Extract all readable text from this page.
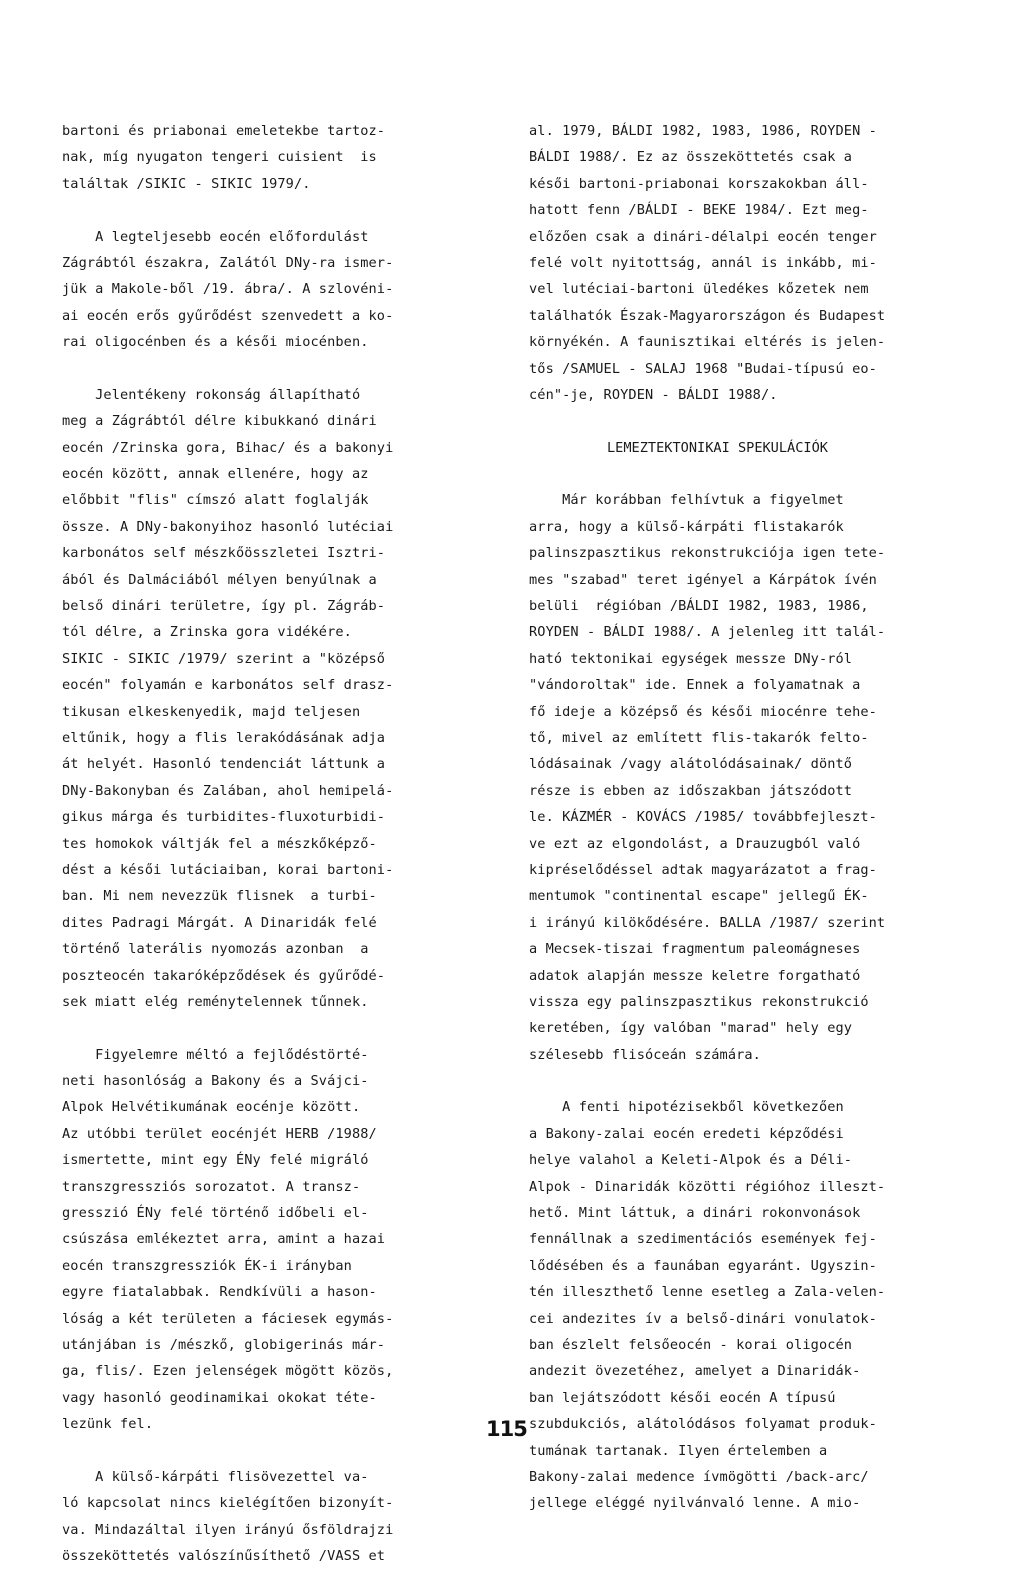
bartoni és priabonai emeletekbe tartoz-
nak, míg nyugaton tengeri cuisient  is
találtak /SIKIC - SIKIC 1979/.
A legteljesebb eocén előfordulást
Zágrábtól északra, Zalától DNy-ra ismer-
jük a Makole-ből /19. ábra/. A szlovéni-
ai eocén erős gyűrődést szenvedett a ko-
rai oligocénben és a késői miocénben.
Jelentékeny rokonság állapítható
meg a Zágrábtól délre kibukkanó dinári
eocén /Zrinska gora, Bihac/ és a bakonyi
eocén között, annak ellenére, hogy az
előbbit "flis" címszó alatt foglalják
össze. A DNy-bakonyihoz hasonló lutéciai
karbonátos self mészkőösszletei Isztri-
ából és Dalmáciából mélyen benyúlnak a
belső dinári területre, így pl. Zágráb-
tól délre, a Zrinska gora vidékére.
SIKIC - SIKIC /1979/ szerint a "középső
eocén" folyamán e karbonátos self drasz-
tikusan elkeskenyedik, majd teljesen
eltűnik, hogy a flis lerakódásának adja
át helyét. Hasonló tendenciát láttunk a
DNy-Bakonyban és Zalában, ahol hemipelá-
gikus márga és turbidites-fluxoturbidi-
tes homokok váltják fel a mészkőképző-
dést a késői lutáciaiban, korai bartoni-
ban. Mi nem nevezzük flisnek  a turbi-
dites Padragi Márgát. A Dinaridák felé
történő laterális nyomozás azonban  a
poszteocén takaróképződések és gyűrődé-
sek miatt elég reménytelennek tűnnek.
Figyelemre méltó a fejlődéstörté-
neti hasonlóság a Bakony és a Svájci-
Alpok Helvétikumának eocénje között.
Az utóbbi terület eocénjét HERB /1988/
ismertette, mint egy ÉNy felé migráló
transzgressziós sorozatot. A transz-
gresszió ÉNy felé történő időbeli el-
csúszása emlékeztet arra, amint a hazai
eocén transzgressziók ÉK-i irányban
egyre fiatalabbak. Rendkívüli a hason-
lóság a két területen a fáciesek egymás-
utánjában is /mészkő, globigerinás már-
ga, flis/. Ezen jelenségek mögött közös,
vagy hasonló geodinamikai okokat téte-
lezünk fel.
A külső-kárpáti flisövezettel va-
ló kapcsolat nincs kielégítően bizonyít-
va. Mindazáltal ilyen irányú ősföldrajzi
összeköttetés valószínűsíthető /VASS et
al. 1979, BÁLDI 1982, 1983, 1986, ROYDEN -
BÁLDI 1988/. Ez az összeköttetés csak a
késői bartoni-priabonai korszakokban áll-
hatott fenn /BÁLDI - BEKE 1984/. Ezt meg-
előzően csak a dinári-délalpi eocén tenger
felé volt nyitottság, annál is inkább, mi-
vel lutéciai-bartoni üledékes kőzetek nem
találhatók Észak-Magyarországon és Budapest
környékén. A faunisztikai eltérés is jelen-
tős /SAMUEL - SALAJ 1968 "Budai-típusú eo-
cén"-je, ROYDEN - BÁLDI 1988/.
LEMEZTEKTONIKAI SPEKULÁCIÓK
Már korábban felhívtuk a figyelmet
arra, hogy a külső-kárpáti flistakarók
palinszpasztikus rekonstrukciója igen tete-
mes "szabad" teret igényel a Kárpátok ívén
belüli  régióban /BÁLDI 1982, 1983, 1986,
ROYDEN - BÁLDI 1988/. A jelenleg itt talál-
ható tektonikai egységek messze DNy-ról
"vándoroltak" ide. Ennek a folyamatnak a
fő ideje a középső és késői miocénre tehe-
tő, mivel az említett flis-takarók felto-
lódásainak /vagy alátolódásainak/ döntő
része is ebben az időszakban játszódott
le. KÁZMÉR - KOVÁCS /1985/ továbbfejleszt-
ve ezt az elgondolást, a Drauzugból való
kipréselődéssel adtak magyarázatot a frag-
mentumok "continental escape" jellegű ÉK-
i irányú kilökődésére. BALLA /1987/ szerint
a Mecsek-tiszai fragmentum paleomágneses
adatok alapján messze keletre forgatható
vissza egy palinszpasztikus rekonstrukció
keretében, így valóban "marad" hely egy
szélesebb flisóceán számára.
A fenti hipotézisekből következően
a Bakony-zalai eocén eredeti képződési
helye valahol a Keleti-Alpok és a Déli-
Alpok - Dinaridák közötti régióhoz illeszt-
hető. Mint láttuk, a dinári rokonvonások
fennállnak a szedimentációs események fej-
lődésében és a faunában egyaránt. Ugyszin-
tén illeszthető lenne esetleg a Zala-velen-
cei andezites ív a belső-dinári vonulatok-
ban észlelt felsőeocén - korai oligocén
andezit övezetéhez, amelyet a Dinaridák-
ban lejátszódott késői eocén A típusú
szubdukciós, alátolódásos folyamat produk-
tumának tartanak. Ilyen értelemben a
Bakony-zalai medence ívmögötti /back-arc/
jellege eléggé nyilvánvaló lenne. A mio-
115
